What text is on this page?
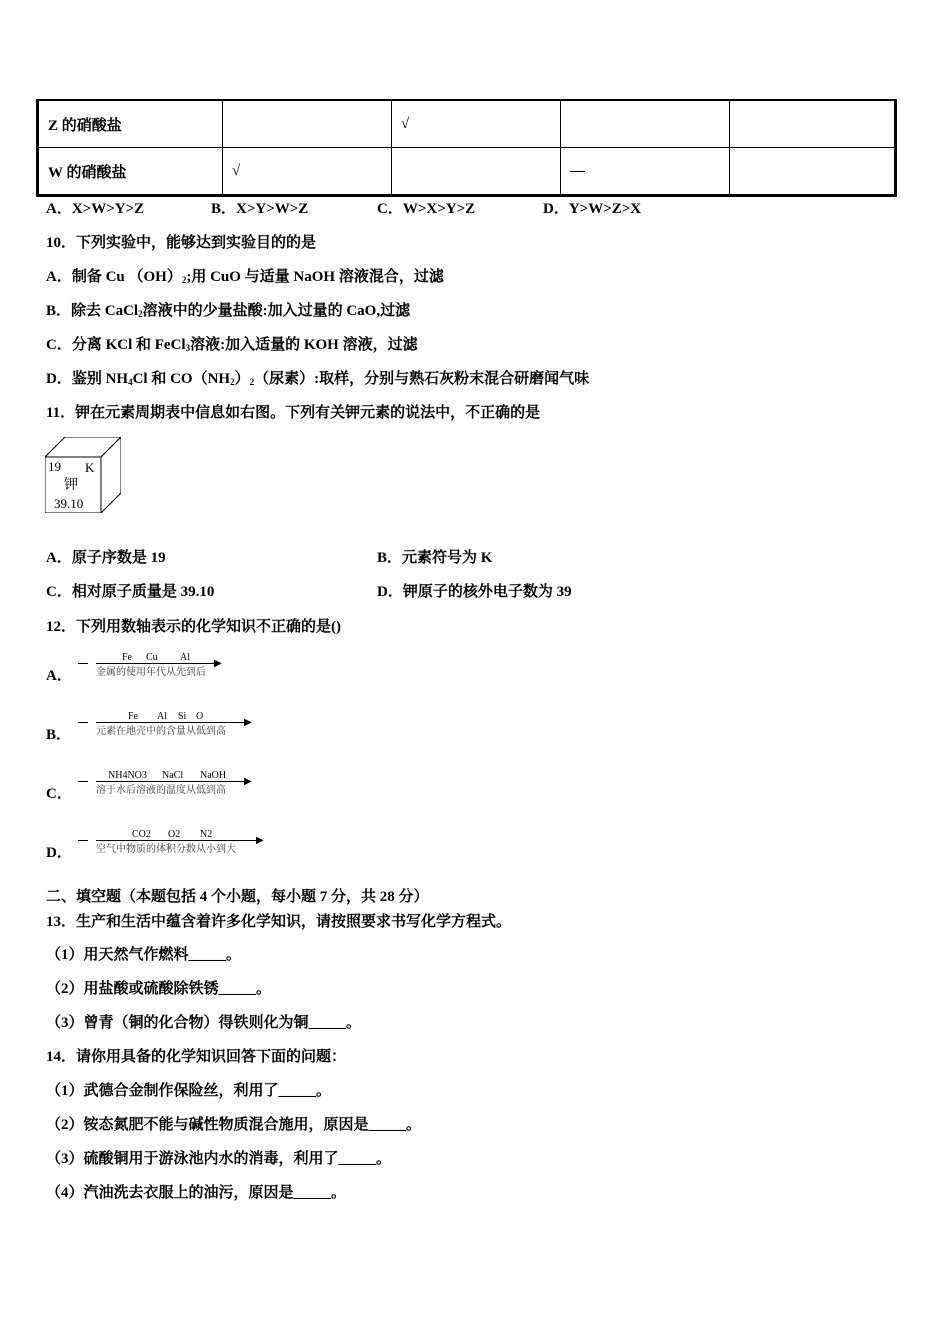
Z 的硝酸盐		√		
W 的硝酸盐	√		—	
A．X>W>Y>Z	B．X>Y>W>Z	C．W>X>Y>Z	D．Y>W>Z>X
10．下列实验中，能够达到实验目的的是
A．制备 Cu $(OH)_2$;用 CuO 与适量 NaOH 溶液混合，过滤
B．除去 CaCl$_2$溶液中的少量盐酸:加入过量的 CaO,过滤
C．分离 KCl 和 FeCl$_3$溶液:加入适量的 KOH 溶液，过滤
D．鉴别 $NH_4Cl$ 和 $CO(NH_2)_2$（尿素）:取样，分别与熟石灰粉末混合研磨闻气味
11．钾在元素周期表中信息如右图。下列有关钾元素的说法中，不正确的是
19 K
钾
39.10
A．原子序数是 19	B．元素符号为 K
C．相对原子质量是 39.10	D．钾原子的核外电子数为 39
12．下列用数轴表示的化学知识不正确的是()
A．
▶
Fe Cu Al
金属的使用年代从先到后
B．
▶
Fe Al Si O
元素在地壳中的含量从低到高
C．
▶
NH4NO3 NaCl NaOH
溶于水后溶液的温度从低到高
D．
▶
CO2 O2 N2
空气中物质的体积分数从小到大
二、填空题（本题包括 4 个小题，每小题 7 分，共 28 分）
13．生产和生活中蕴含着许多化学知识，请按照要求书写化学方程式。
（1）用天然气作燃料_____。
（2）用盐酸或硫酸除铁锈_____。
（3）曾青（铜的化合物）得铁则化为铜_____。
14．请你用具备的化学知识回答下面的问题：
（1）武德合金制作保险丝，利用了_____。
（2）铵态氮肥不能与碱性物质混合施用，原因是_____。
（3）硫酸铜用于游泳池内水的消毒，利用了_____。
（4）汽油洗去衣服上的油污，原因是_____。
